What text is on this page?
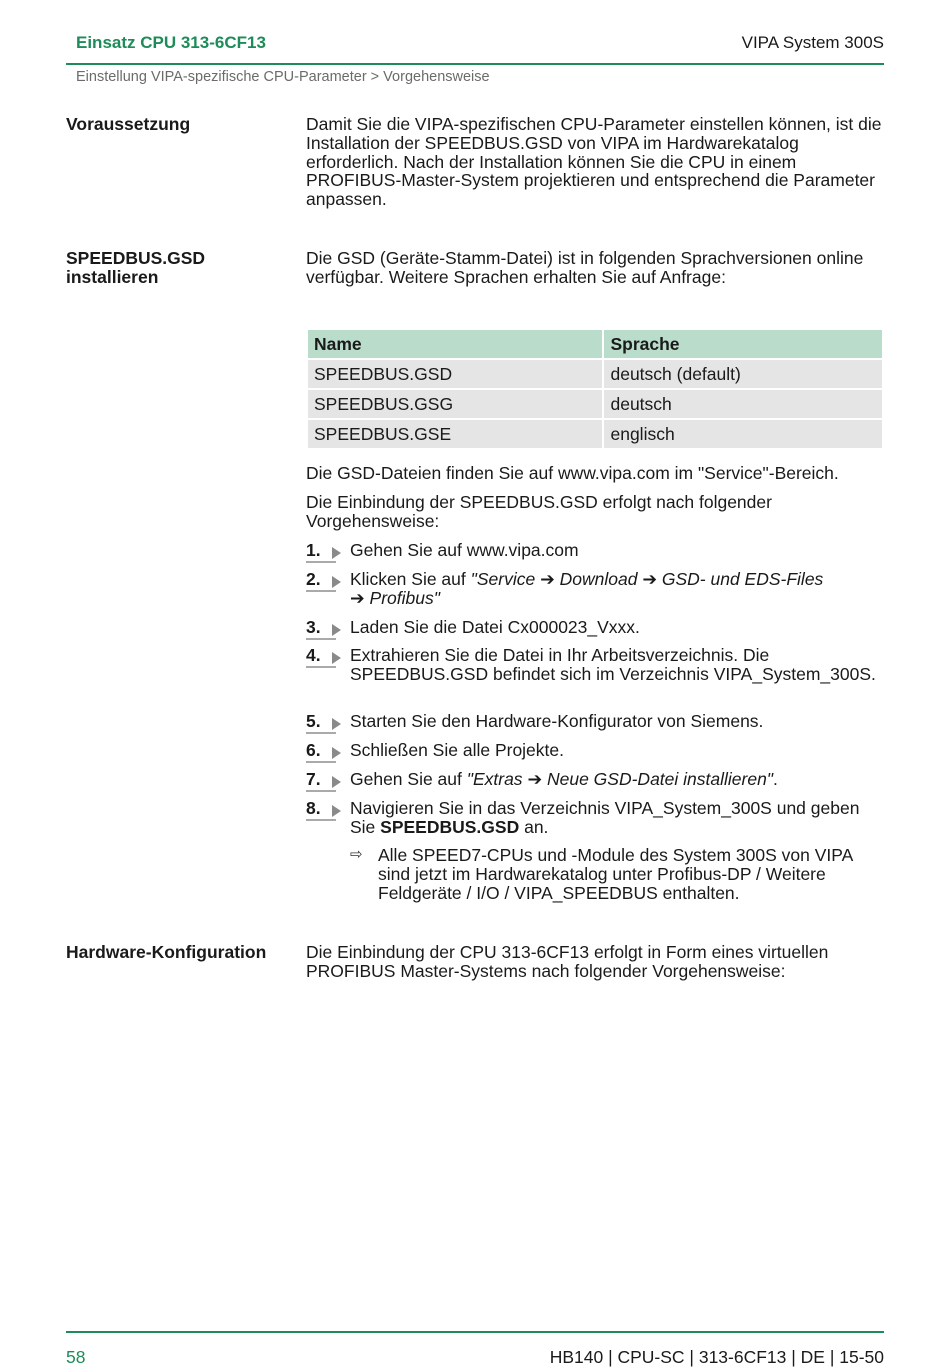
Einsatz CPU 313-6CF13	VIPA System 300S
Einstellung VIPA-spezifische CPU-Parameter > Vorgehensweise
Voraussetzung	Damit Sie die VIPA-spezifischen CPU-Parameter einstellen können, ist die Installation der SPEEDBUS.GSD von VIPA im Hardwarekatalog erforderlich. Nach der Installation können Sie die CPU in einem PROFIBUS-Master-System projektieren und entsprechend die Parameter anpassen.
SPEEDBUS.GSD installieren
Die GSD (Geräte-Stamm-Datei) ist in folgenden Sprachversionen online verfügbar. Weitere Sprachen erhalten Sie auf Anfrage:
Name	Sprache
SPEEDBUS.GSD	deutsch (default)
SPEEDBUS.GSG	deutsch
SPEEDBUS.GSE	englisch
Die GSD-Dateien finden Sie auf www.vipa.com im "Service"-Bereich.
Die Einbindung der SPEEDBUS.GSD erfolgt nach folgender Vorgehensweise:
1.	Gehen Sie auf www.vipa.com
2.	Klicken Sie auf "Service ➔ Download ➔ GSD- und EDS-Files
➔ Profibus"
3.	Laden Sie die Datei Cx000023_Vxxx.
4.	Extrahieren Sie die Datei in Ihr Arbeitsverzeichnis. Die SPEEDBUS.GSD befindet sich im Verzeichnis VIPA_System_300S.
5.	Starten Sie den Hardware-Konfigurator von Siemens.
6.	Schließen Sie alle Projekte.
7.	Gehen Sie auf "Extras ➔ Neue GSD-Datei installieren".
8.	Navigieren Sie in das Verzeichnis VIPA_System_300S und geben Sie SPEEDBUS.GSD an.
⇨ Alle SPEED7-CPUs und -Module des System 300S von VIPA sind jetzt im Hardwarekatalog unter Profibus-DP / Weitere Feldgeräte / I/O / VIPA_SPEEDBUS enthalten.
Hardware-Konfiguration	Die Einbindung der CPU 313-6CF13 erfolgt in Form eines virtuellen PROFIBUS Master-Systems nach folgender Vorgehensweise:
58	HB140 | CPU-SC | 313-6CF13 | DE | 15-50
